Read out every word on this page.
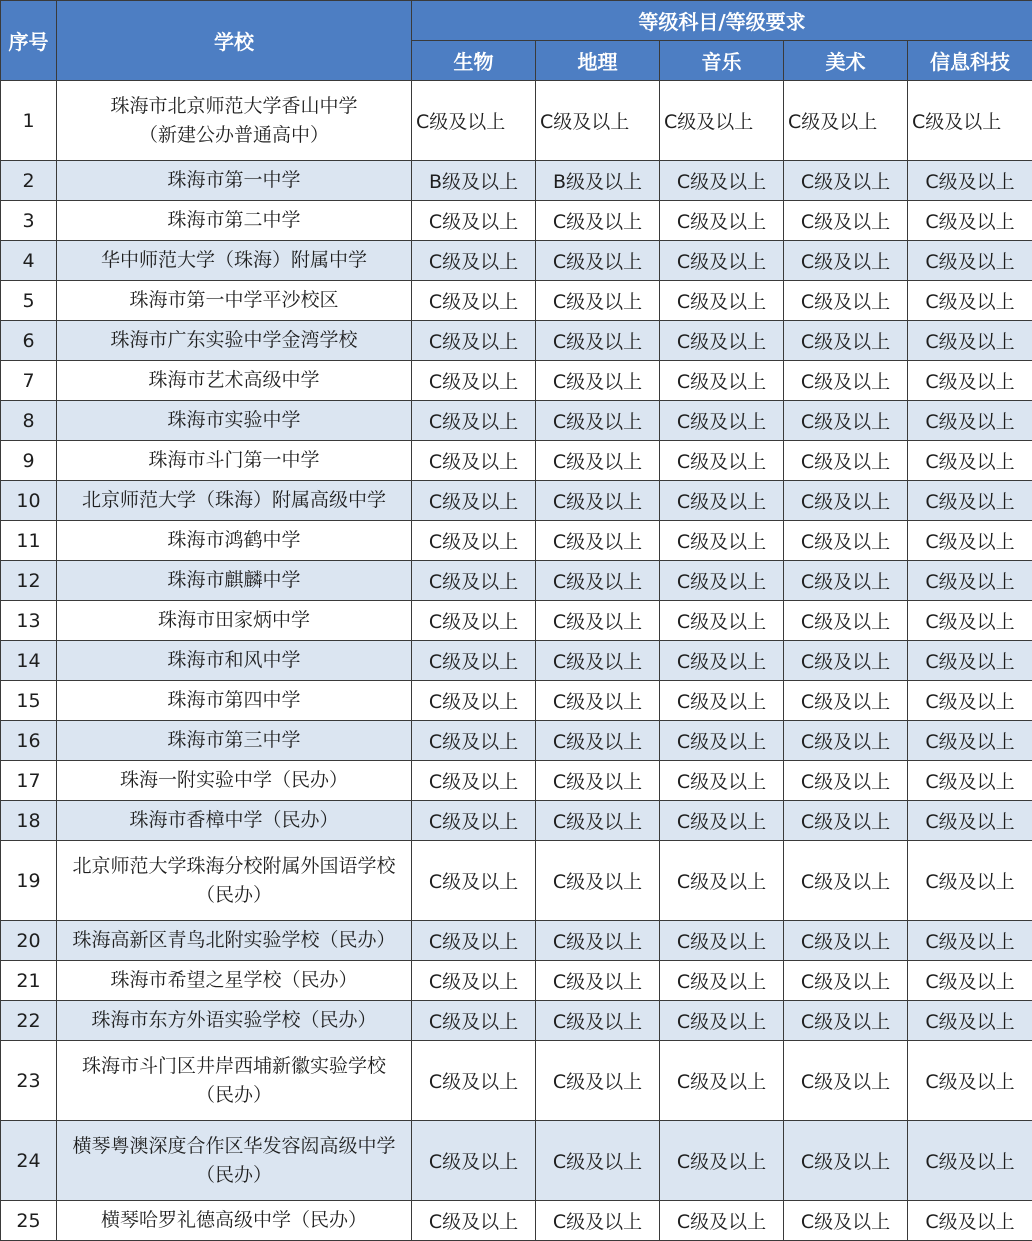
序号	学校	等级科目/等级要求				
		生物	地理	音乐	美术	信息科技
1	珠海市北京师范大学香山中学
（新建公办普通高中）	C级及以上	C级及以上	C级及以上	C级及以上	C级及以上
2	珠海市第一中学	B级及以上	B级及以上	C级及以上	C级及以上	C级及以上
3	珠海市第二中学	C级及以上	C级及以上	C级及以上	C级及以上	C级及以上
4	华中师范大学（珠海）附属中学	C级及以上	C级及以上	C级及以上	C级及以上	C级及以上
5	珠海市第一中学平沙校区	C级及以上	C级及以上	C级及以上	C级及以上	C级及以上
6	珠海市广东实验中学金湾学校	C级及以上	C级及以上	C级及以上	C级及以上	C级及以上
7	珠海市艺术高级中学	C级及以上	C级及以上	C级及以上	C级及以上	C级及以上
8	珠海市实验中学	C级及以上	C级及以上	C级及以上	C级及以上	C级及以上
9	珠海市斗门第一中学	C级及以上	C级及以上	C级及以上	C级及以上	C级及以上
10	北京师范大学（珠海）附属高级中学	C级及以上	C级及以上	C级及以上	C级及以上	C级及以上
11	珠海市鸿鹤中学	C级及以上	C级及以上	C级及以上	C级及以上	C级及以上
12	珠海市麒麟中学	C级及以上	C级及以上	C级及以上	C级及以上	C级及以上
13	珠海市田家炳中学	C级及以上	C级及以上	C级及以上	C级及以上	C级及以上
14	珠海市和风中学	C级及以上	C级及以上	C级及以上	C级及以上	C级及以上
15	珠海市第四中学	C级及以上	C级及以上	C级及以上	C级及以上	C级及以上
16	珠海市第三中学	C级及以上	C级及以上	C级及以上	C级及以上	C级及以上
17	珠海一附实验中学（民办）	C级及以上	C级及以上	C级及以上	C级及以上	C级及以上
18	珠海市香樟中学（民办）	C级及以上	C级及以上	C级及以上	C级及以上	C级及以上
19	北京师范大学珠海分校附属外国语学校
（民办）	C级及以上	C级及以上	C级及以上	C级及以上	C级及以上
20	珠海高新区青鸟北附实验学校（民办）	C级及以上	C级及以上	C级及以上	C级及以上	C级及以上
21	珠海市希望之星学校（民办）	C级及以上	C级及以上	C级及以上	C级及以上	C级及以上
22	珠海市东方外语实验学校（民办）	C级及以上	C级及以上	C级及以上	C级及以上	C级及以上
23	珠海市斗门区井岸西埔新徽实验学校
（民办）	C级及以上	C级及以上	C级及以上	C级及以上	C级及以上
24	横琴粤澳深度合作区华发容闳高级中学
（民办）	C级及以上	C级及以上	C级及以上	C级及以上	C级及以上
25	横琴哈罗礼德高级中学（民办）	C级及以上	C级及以上	C级及以上	C级及以上	C级及以上
